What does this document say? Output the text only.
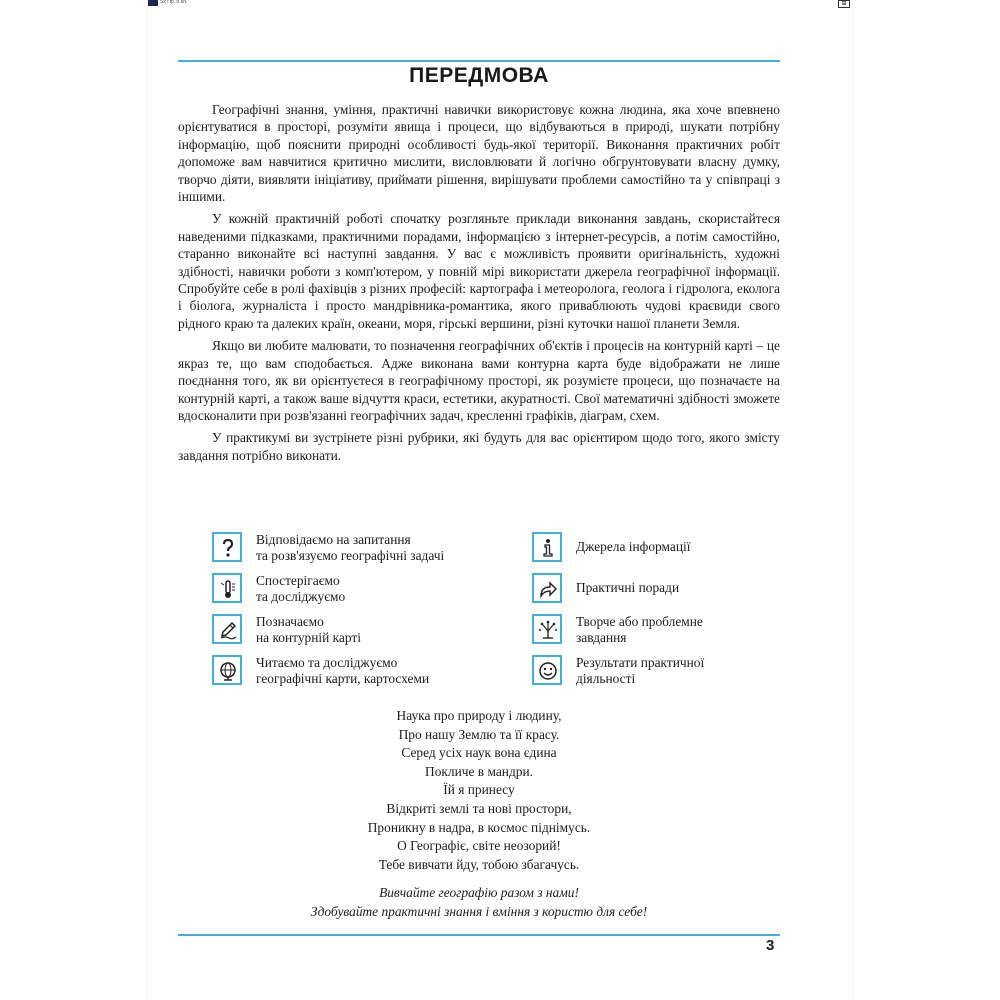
Ѕх Пр. б кл.	⊞
ПЕРЕДМОВА

Географічні знання, уміння, практичні навички використовує кожна людина, яка хоче впевнено орієнтуватися в просторі, розуміти явища і процеси, що відбуваються в природі, шукати потрібну інформацію, щоб пояснити природні особливості будь-якої території. Виконання практичних робіт допоможе вам навчитися критично мислити, висловлювати й логічно обгрунтовувати власну думку, творчо діяти, виявляти ініціативу, приймати рішення, вирішувати проблеми самостійно та у співпраці з іншими.

У кожній практичній роботі спочатку розгляньте приклади виконання завдань, скористайтеся наведеними підказками, практичними порадами, інформацією з інтернет-ресурсів, а потім самостійно, старанно виконайте всі наступні завдання. У вас є можливість проявити оригінальність, художні здібності, навички роботи з комп'ютером, у повній мірі використати джерела географічної інформації. Спробуйте себе в ролі фахівців з різних професій: картографа і метеоролога, геолога і гідролога, еколога і біолога, журналіста і просто мандрівника-романтика, якого приваблюють чудові краєвиди свого рідного краю та далеких країн, океани, моря, гірські вершини, різні куточки нашої планети Земля.

Якщо ви любите малювати, то позначення географічних об'єктів і процесів на контурній карті – це якраз те, що вам сподобається. Адже виконана вами контурна карта буде відображати не лише поєднання того, як ви орієнтуєтеся в географічному просторі, як розумієте процеси, що позначаєте на контурній карті, а також ваше відчуття краси, естетики, акуратності. Свої математичні здібності зможете вдосконалити при розв'язанні географічних задач, кресленні графіків, діаграм, схем.

У практикумі ви зустрінете різні рубрики, які будуть для вас орієнтиром щодо того, якого змісту завдання потрібно виконати.

Відповідаємо на запитання
та розв'язуємо географічні задачі
Спостерігаємо
та досліджуємо
Позначаємо
на контурній карті
Читаємо та досліджуємо
географічні карти, картосхеми
Джерела інформації
Практичні поради
Творче або проблемне
завдання
Результати практичної
діяльності
Наука про природу і людину,
Про нашу Землю та її красу.
Серед усіх наук вона єдина
Покличе в мандри.
Їй я принесу
Відкриті землі та нові простори,
Проникну в надра, в космос піднімусь.
О Географіє, світе неозорий!
Тебе вивчати йду, тобою збагачусь.
Вивчайте географію разом з нами!
Здобувайте практичні знання і вміння з користю для себе!
3
